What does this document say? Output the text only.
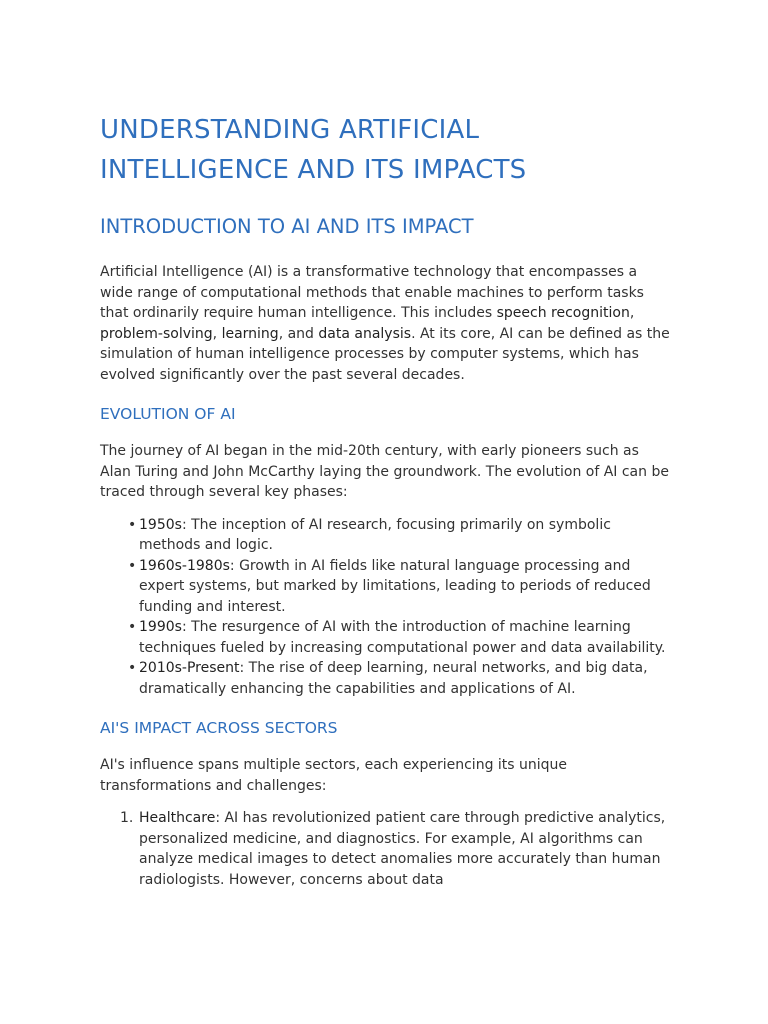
UNDERSTANDING ARTIFICIAL INTELLIGENCE AND ITS IMPACTS
INTRODUCTION TO AI AND ITS IMPACT

Artificial Intelligence (AI) is a transformative technology that encompasses a wide range of computational methods that enable machines to perform tasks that ordinarily require human intelligence. This includes speech recognition, problem-solving, learning, and data analysis. At its core, AI can be defined as the simulation of human intelligence processes by computer systems, which has evolved significantly over the past several decades.

EVOLUTION OF AI

The journey of AI began in the mid-20th century, with early pioneers such as Alan Turing and John McCarthy laying the groundwork. The evolution of AI can be traced through several key phases:

• 1950s: The inception of AI research, focusing primarily on symbolic methods and logic.
• 1960s-1980s: Growth in AI fields like natural language processing and expert systems, but marked by limitations, leading to periods of reduced funding and interest.
• 1990s: The resurgence of AI with the introduction of machine learning techniques fueled by increasing computational power and data availability.
• 2010s-Present: The rise of deep learning, neural networks, and big data, dramatically enhancing the capabilities and applications of AI.
AI'S IMPACT ACROSS SECTORS

AI's influence spans multiple sectors, each experiencing its unique transformations and challenges:

1. Healthcare: AI has revolutionized patient care through predictive analytics, personalized medicine, and diagnostics. For example, AI algorithms can analyze medical images to detect anomalies more accurately than human radiologists. However, concerns about data
